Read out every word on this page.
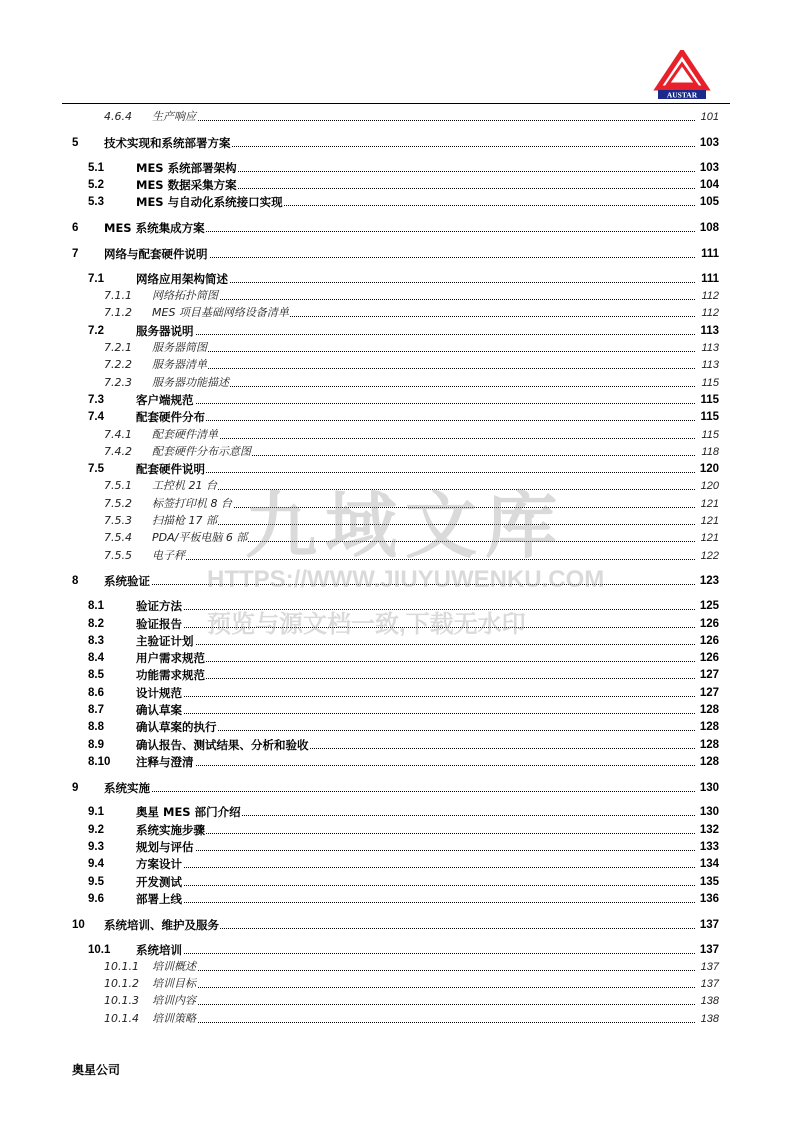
AUSTAR
4.6.4 生产响应	101
5 技术实现和系统部署方案	103
5.1	MES 系统部署架构	103
5.2	MES 数据采集方案	104
5.3	MES 与自动化系统接口实现	105
6 MES 系统集成方案	108
7 网络与配套硬件说明	111
7.1	网络应用架构简述	111
7.1.1 网络拓扑简图	112
7.1.2 MES 项目基础网络设备清单	112
7.2	服务器说明	113
7.2.1 服务器简图	113
7.2.2 服务器清单	113
7.2.3 服务器功能描述	115
7.3	客户端规范	115
7.4	配套硬件分布	115
7.4.1 配套硬件清单	115
7.4.2 配套硬件分布示意图	118
7.5	配套硬件说明	120
7.5.1 工控机 21 台	120
7.5.2 标签打印机 8 台	121
7.5.3 扫描枪 17 部	121
7.5.4 PDA/平板电脑 6 部	121
7.5.5 电子秤	122
8 系统验证	123
8.1	验证方法	125
8.2	验证报告	126
8.3	主验证计划	126
8.4	用户需求规范	126
8.5	功能需求规范	127
8.6	设计规范	127
8.7	确认草案	128
8.8	确认草案的执行	128
8.9	确认报告、测试结果、分析和验收	128
8.10 注释与澄清	128
9 系统实施	130
9.1	奥星 MES 部门介绍	130
9.2	系统实施步骤	132
9.3	规划与评估	133
9.4	方案设计	134
9.5	开发测试	135
9.6	部署上线	136
10 系统培训、维护及服务	137
10.1 系统培训	137
10.1.1 培训概述	137
10.1.2 培训目标	137
10.1.3 培训内容	138
10.1.4 培训策略	138
九域文库
HTTPS://WWW.JIUYUWENKU.COM
预览与源文档一致,下载无水印
奥星公司
